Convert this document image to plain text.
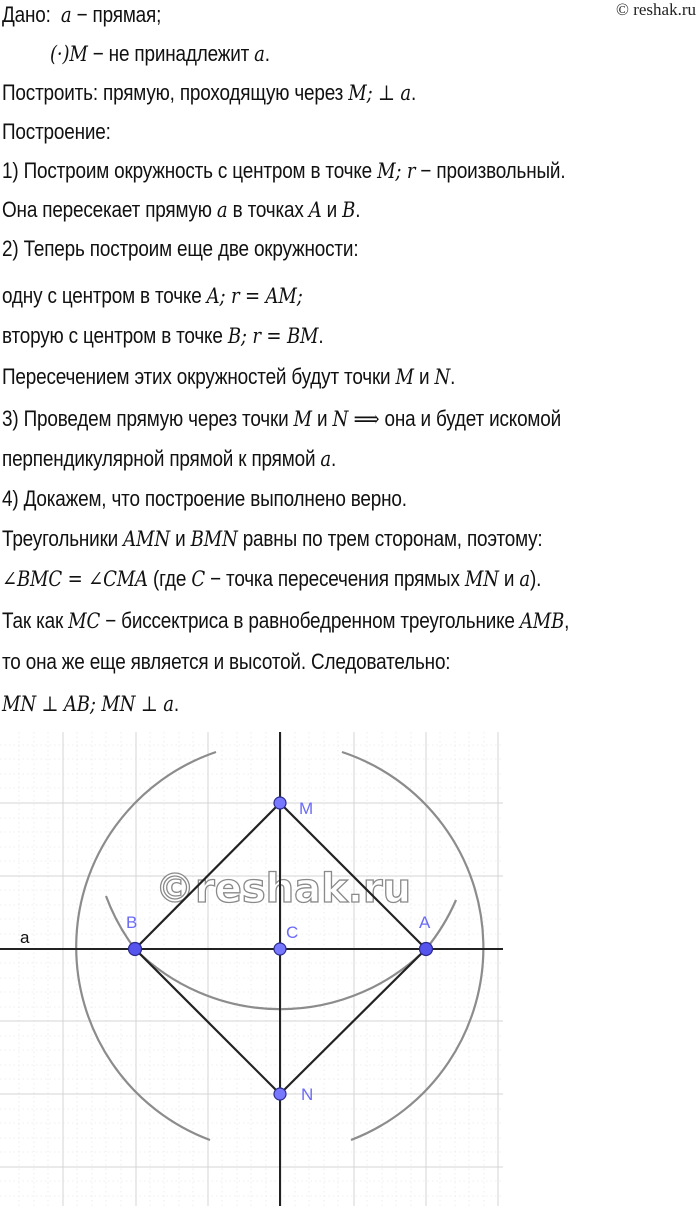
© reshak.ru
Дано: a − прямая;
(·)M − не принадлежит a.
Построить: прямую, проходящую через M; ⊥ a.
Построение:
1) Построим окружность с центром в точке M; r − произвольный.
Она пересекает прямую a в точках A и B.
2) Теперь построим еще две окружности:
одну с центром в точке A; r = AM;
вторую с центром в точке B; r = BM.
Пересечением этих окружностей будут точки M и N.
3) Проведем прямую через точки M и N ⟹ она и будет искомой
перпендикулярной прямой к прямой a.
4) Докажем, что построение выполнено верно.
Треугольники AMN и BMN равны по трем сторонам, поэтому:
∠BMC = ∠CMA (где C − точка пересечения прямых MN и a).
Так как MC − биссектриса в равнобедренном треугольнике AMB,
то она же еще является и высотой. Следовательно:
MN ⊥ AB; MN ⊥ a.
©reshak.ru
a
M
B
C
A
N
